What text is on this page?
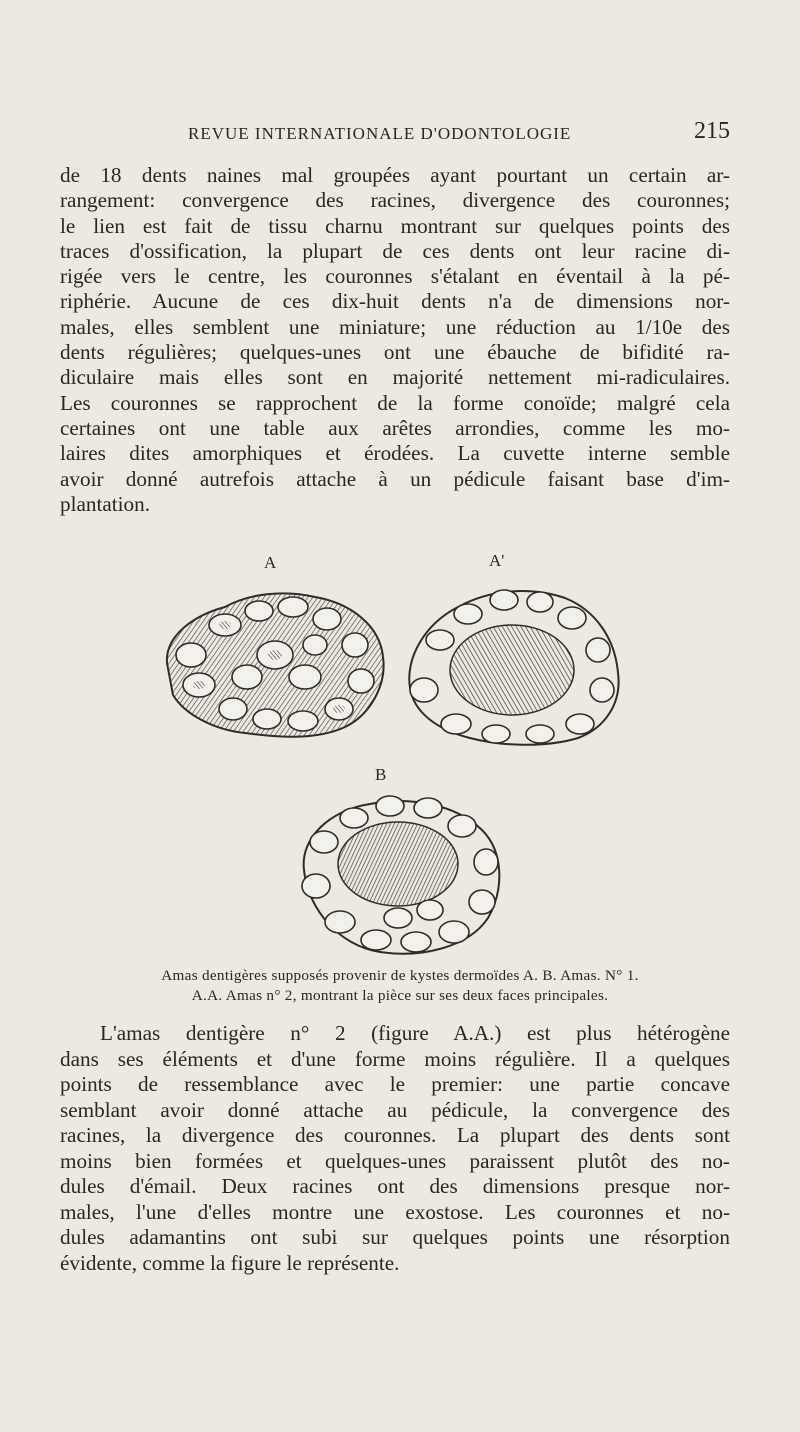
REVUE INTERNATIONALE D'ODONTOLOGIE	215
de 18 dents naines mal groupées ayant pourtant un certain ar-
rangement: convergence des racines, divergence des couronnes;
le lien est fait de tissu charnu montrant sur quelques points des
traces d'ossification, la plupart de ces dents ont leur racine di-
rigée vers le centre, les couronnes s'étalant en éventail à la pé-
riphérie. Aucune de ces dix-huit dents n'a de dimensions nor-
males, elles semblent une miniature; une réduction au 1/10e des
dents régulières; quelques-unes ont une ébauche de bifidité ra-
diculaire mais elles sont en majorité nettement mi-radiculaires.
Les couronnes se rapprochent de la forme conoïde; malgré cela
certaines ont une table aux arêtes arrondies, comme les mo-
laires dites amorphiques et érodées. La cuvette interne semble
avoir donné autrefois attache à un pédicule faisant base d'im-
plantation.
A	A'
B
Amas dentigères supposés provenir de kystes dermoïdes A. B. Amas. N° 1.
A.A. Amas n° 2, montrant la pièce sur ses deux faces principales.
L'amas dentigère n° 2 (figure A.A.) est plus hétérogène
dans ses éléments et d'une forme moins régulière. Il a quelques
points de ressemblance avec le premier: une partie concave
semblant avoir donné attache au pédicule, la convergence des
racines, la divergence des couronnes. La plupart des dents sont
moins bien formées et quelques-unes paraissent plutôt des no-
dules d'émail. Deux racines ont des dimensions presque nor-
males, l'une d'elles montre une exostose. Les couronnes et no-
dules adamantins ont subi sur quelques points une résorption
évidente, comme la figure le représente.
